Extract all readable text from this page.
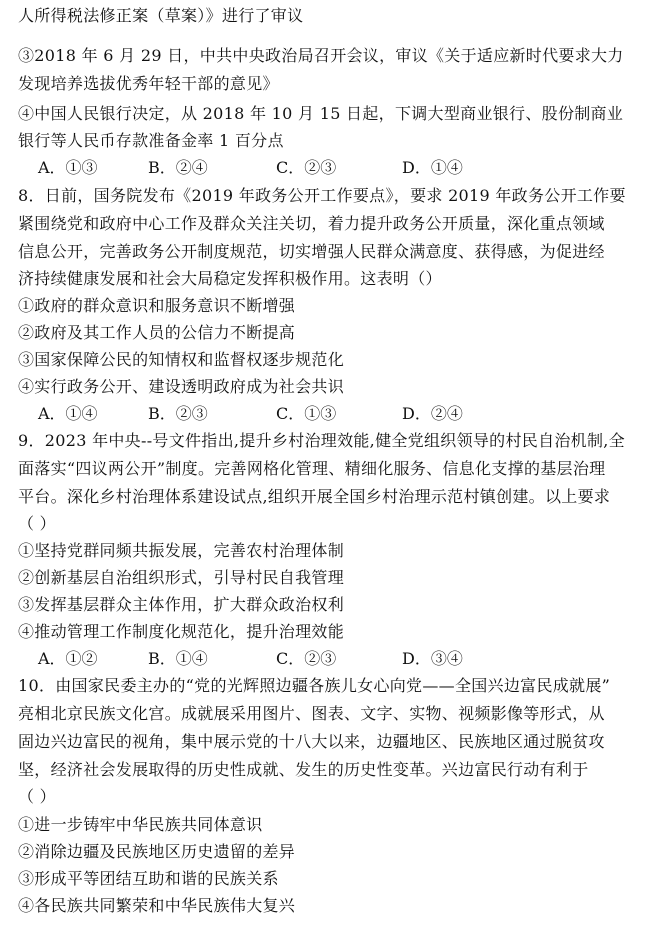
人所得税法修正案（草案）》进行了审议
③2018 年 6 月 29 日，中共中央政治局召开会议，审议《关于适应新时代要求大力
发现培养选拔优秀年轻干部的意见》
④中国人民银行决定，从 2018 年 10 月 15 日起，下调大型商业银行、股份制商业
银行等人民币存款准备金率 1 百分点
A．①③	B．②④	C．②③	D．①④
8．日前，国务院发布《2019 年政务公开工作要点》，要求 2019 年政务公开工作要
紧围绕党和政府中心工作及群众关注关切，着力提升政务公开质量，深化重点领域
信息公开，完善政务公开制度规范，切实增强人民群众满意度、获得感，为促进经
济持续健康发展和社会大局稳定发挥积极作用。这表明（）
①政府的群众意识和服务意识不断增强
②政府及其工作人员的公信力不断提高
③国家保障公民的知情权和监督权逐步规范化
④实行政务公开、建设透明政府成为社会共识
A．①④	B．②③	C．①③	D．②④
9．2023 年中央--号文件指出,提升乡村治理效能,健全党组织领导的村民自治机制,全
面落实“四议两公开”制度。完善网格化管理、精细化服务、信息化支撑的基层治理
平台。深化乡村治理体系建设试点,组织开展全国乡村治理示范村镇创建。以上要求
（ ）
①坚持党群同频共振发展，完善农村治理体制
②创新基层自治组织形式，引导村民自我管理
③发挥基层群众主体作用，扩大群众政治权利
④推动管理工作制度化规范化，提升治理效能
A．①②	B．①④	C．②③	D．③④
10．由国家民委主办的“党的光辉照边疆各族儿女心向党——全国兴边富民成就展”
亮相北京民族文化宫。成就展采用图片、图表、文字、实物、视频影像等形式，从
固边兴边富民的视角，集中展示党的十八大以来，边疆地区、民族地区通过脱贫攻
坚，经济社会发展取得的历史性成就、发生的历史性变革。兴边富民行动有利于
（ ）
①进一步铸牢中华民族共同体意识
②消除边疆及民族地区历史遗留的差异
③形成平等团结互助和谐的民族关系
④各民族共同繁荣和中华民族伟大复兴
